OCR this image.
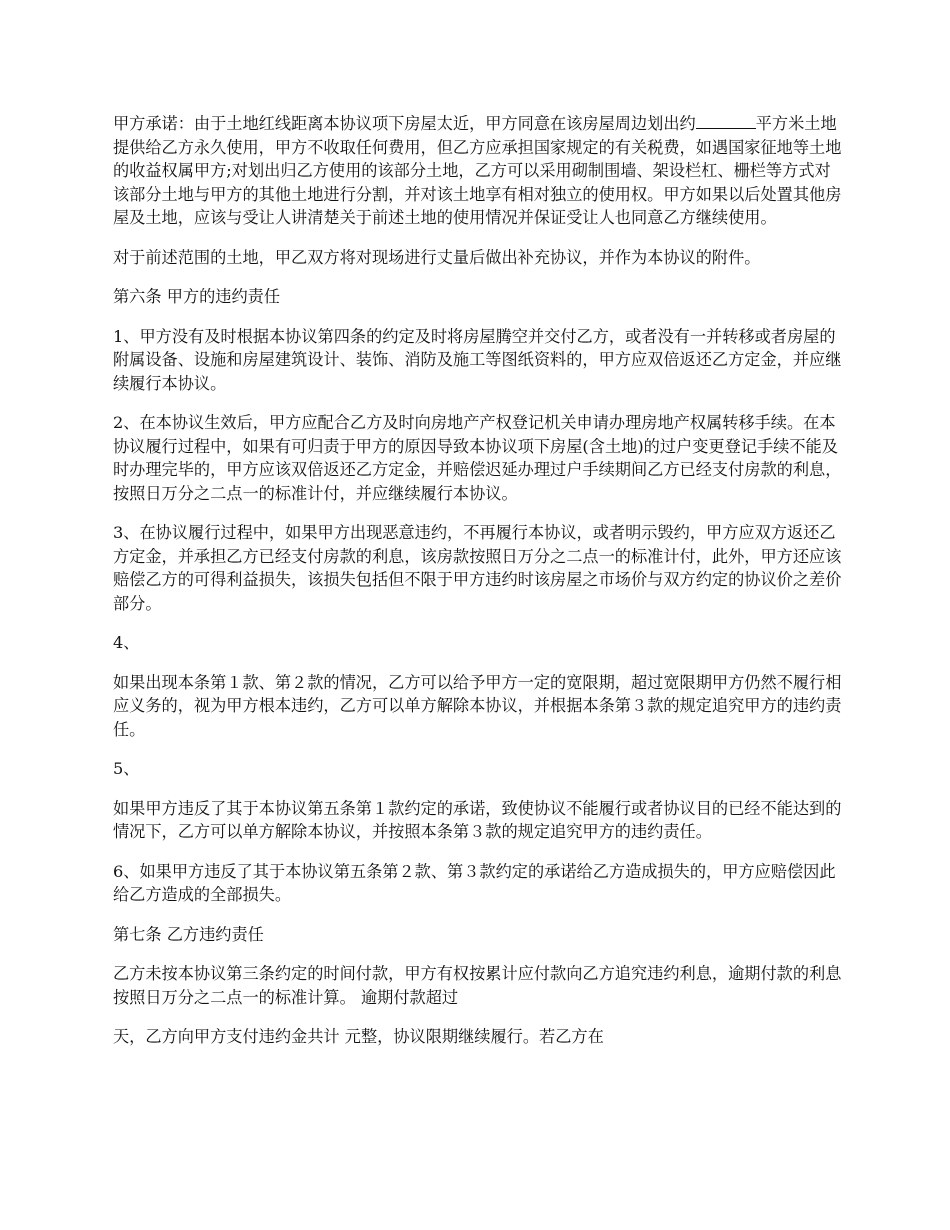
甲方承诺：由于土地红线距离本协议项下房屋太近，甲方同意在该房屋周边划出约	平方米土地提供给乙方永久使用，甲方不收取任何费用，但乙方应承担国家规定的有关税费，如遇国家征地等土地的收益权属甲方;对划出归乙方使用的该部分土地，乙方可以采用砌制围墙、架设栏杠、栅栏等方式对该部分土地与甲方的其他土地进行分割，并对该土地享有相对独立的使用权。甲方如果以后处置其他房屋及土地，应该与受让人讲清楚关于前述土地的使用情况并保证受让人也同意乙方继续使用。

对于前述范围的土地，甲乙双方将对现场进行丈量后做出补充协议，并作为本协议的附件。

第六条 甲方的违约责任

1、甲方没有及时根据本协议第四条的约定及时将房屋腾空并交付乙方，或者没有一并转移或者房屋的附属设备、设施和房屋建筑设计、装饰、消防及施工等图纸资料的，甲方应双倍返还乙方定金，并应继续履行本协议。

2、在本协议生效后，甲方应配合乙方及时向房地产产权登记机关申请办理房地产权属转移手续。在本协议履行过程中，如果有可归责于甲方的原因导致本协议项下房屋(含土地)的过户变更登记手续不能及时办理完毕的，甲方应该双倍返还乙方定金，并赔偿迟延办理过户手续期间乙方已经支付房款的利息，按照日万分之二点一的标准计付，并应继续履行本协议。

3、在协议履行过程中，如果甲方出现恶意违约，不再履行本协议，或者明示毁约，甲方应双方返还乙方定金，并承担乙方已经支付房款的利息，该房款按照日万分之二点一的标准计付，此外，甲方还应该赔偿乙方的可得利益损失，该损失包括但不限于甲方违约时该房屋之市场价与双方约定的协议价之差价部分。

4、

如果出现本条第１款、第２款的情况，乙方可以给予甲方一定的宽限期，超过宽限期甲方仍然不履行相应义务的，视为甲方根本违约，乙方可以单方解除本协议，并根据本条第３款的规定追究甲方的违约责任。

5、

如果甲方违反了其于本协议第五条第１款约定的承诺，致使协议不能履行或者协议目的已经不能达到的情况下，乙方可以单方解除本协议，并按照本条第３款的规定追究甲方的违约责任。

6、如果甲方违反了其于本协议第五条第２款、第３款约定的承诺给乙方造成损失的，甲方应赔偿因此给乙方造成的全部损失。

第七条 乙方违约责任

乙方未按本协议第三条约定的时间付款，甲方有权按累计应付款向乙方追究违约利息，逾期付款的利息按照日万分之二点一的标准计算。 逾期付款超过

天，乙方向甲方支付违约金共计 元整，协议限期继续履行。若乙方在
